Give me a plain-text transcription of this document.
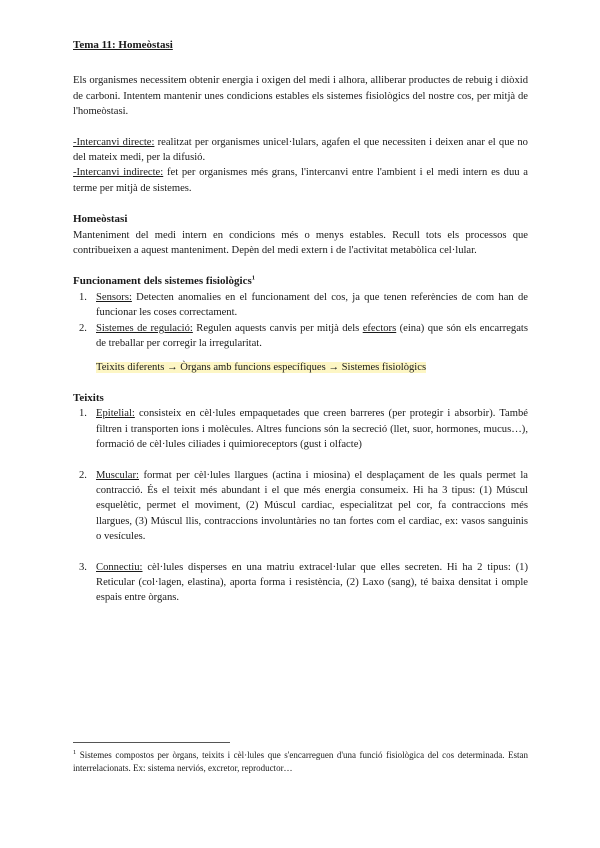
Tema 11: Homeòstasi

Els organismes necessitem obtenir energia i oxigen del medi i alhora, alliberar productes de rebuig i diòxid de carboni. Intentem mantenir unes condicions estables els sistemes fisiològics del nostre cos, per mitjà de l'homeòstasi.

-Intercanvi directe: realitzat per organismes unicel·lulars, agafen el que necessiten i deixen anar el que no del mateix medi, per la difusió.

-Intercanvi indirecte: fet per organismes més grans, l'intercanvi entre l'ambient i el medi intern es duu a terme per mitjà de sistemes.

Homeòstasi

Manteniment del medi intern en condicions més o menys estables. Recull tots els processos que contribueixen a aquest manteniment. Depèn del medi extern i de l'activitat metabòlica cel·lular.

Funcionament dels sistemes fisiològics$^1$
1. Sensors: Detecten anomalies en el funcionament del cos, ja que tenen referències de com han de funcionar les coses correctament.
2. Sistemes de regulació: Regulen aquests canvis per mitjà dels efectors (eina) que són els encarregats de treballar per corregir la irregularitat.
Teixits diferents → Òrgans amb funcions específiques → Sistemes fisiològics
Teixits
1. Epitelial: consisteix en cèl·lules empaquetades que creen barreres (per protegir i absorbir). També filtren i transporten ions i molècules. Altres funcions són la secreció (llet, suor, hormones, mucus…), formació de cèl·lules ciliades i quimioreceptors (gust i olfacte)
2. Muscular: format per cèl·lules llargues (actina i miosina) el desplaçament de les quals permet la contracció. És el teixit més abundant i el que més energia consumeix. Hi ha 3 tipus: (1) Múscul esquelètic, permet el moviment, (2) Múscul cardiac, especialitzat pel cor, fa contraccions més llargues, (3) Múscul llis, contraccions involuntàries no tan fortes com el cardiac, ex: vasos sanguinis o vesícules.
3. Connectiu: cèl·lules disperses en una matriu extracel·lular que elles secreten. Hi ha 2 tipus: (1) Reticular (col·lagen, elastina), aporta forma i resistència, (2) Laxo (sang), té baixa densitat i omple espais entre òrgans.
$^1$ Sistemes compostos per òrgans, teixits i cèl·lules que s'encarreguen d'una funció fisiològica del cos determinada. Estan interrelacionats. Ex: sistema nerviós, excretor, reproductor…
